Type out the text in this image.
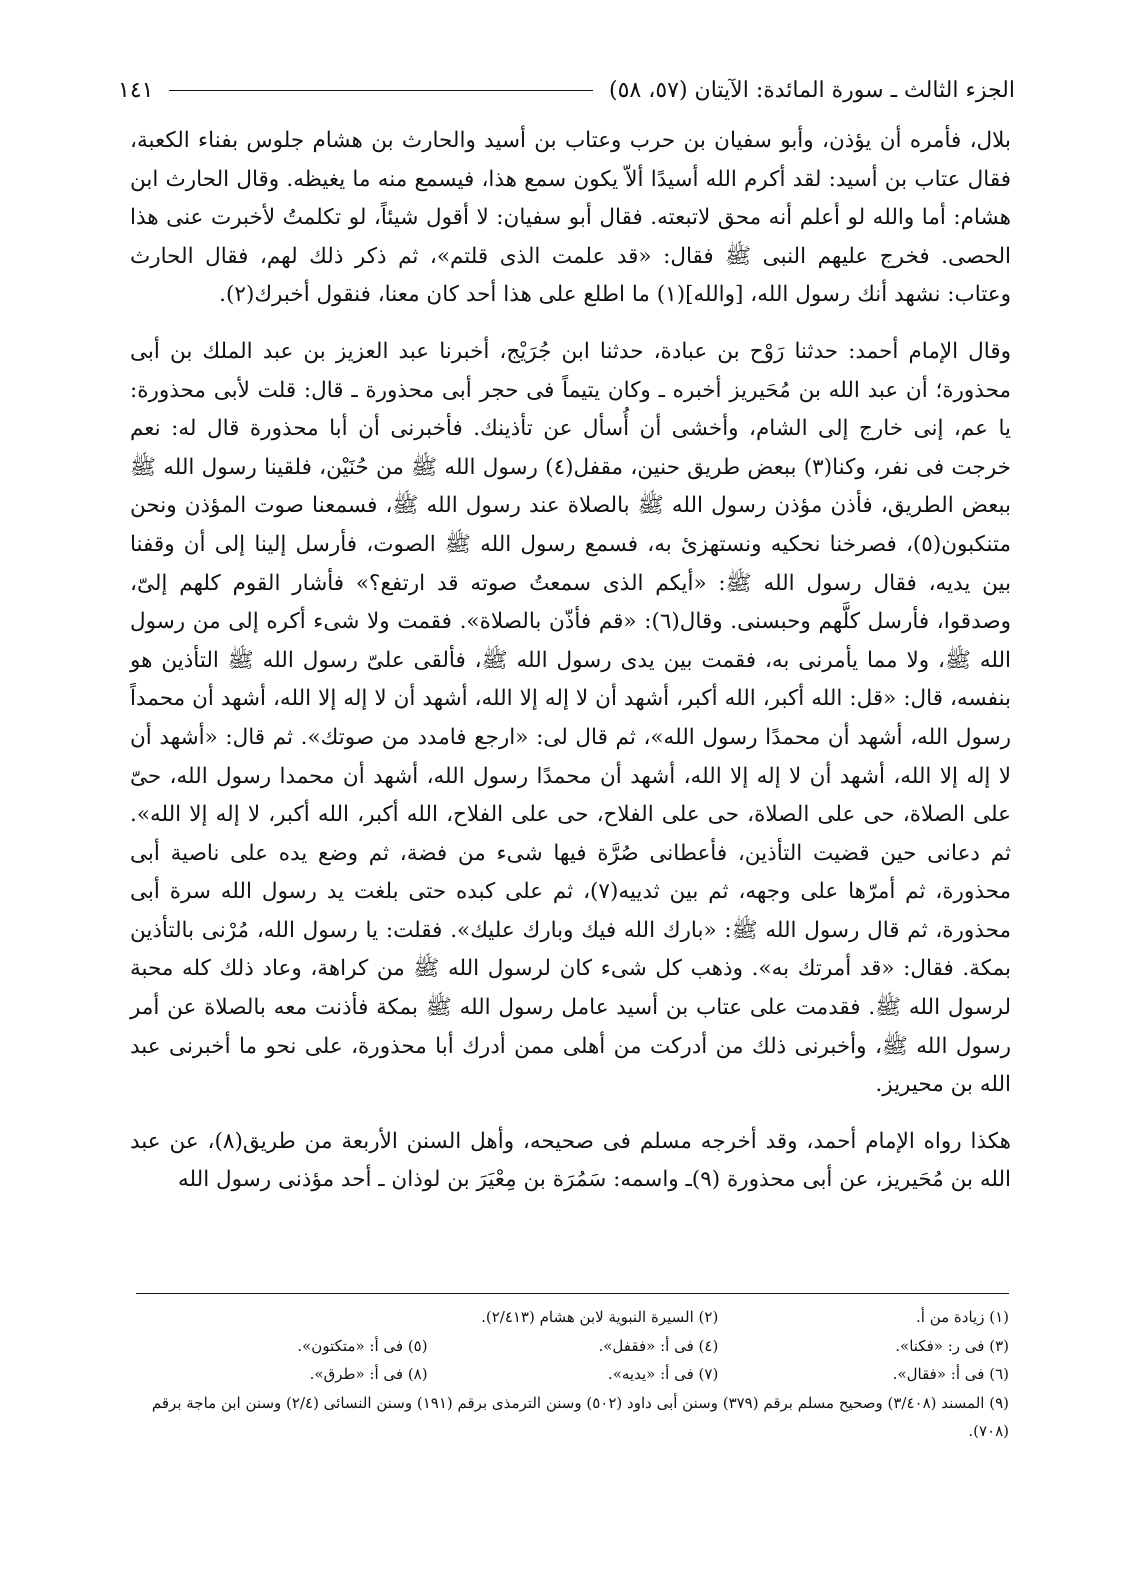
الجزء الثالث ـ سورة المائدة: الآيتان (٥٧، ٥٨)
١٤١

بلال، فأمره أن يؤذن، وأبو سفيان بن حرب وعتاب بن أسيد والحارث بن هشام جلوس بفناء الكعبة، فقال عتاب بن أسيد: لقد أكرم الله أسيدًا ألاّ يكون سمع هذا، فيسمع منه ما يغيظه. وقال الحارث ابن هشام: أما والله لو أعلم أنه محق لاتبعته. فقال أبو سفيان: لا أقول شيئاً، لو تكلمتُ لأخبرت عنى هذا الحصى. فخرج عليهم النبى ﷺ فقال: «قد علمت الذى قلتم»، ثم ذكر ذلك لهم، فقال الحارث وعتاب: نشهد أنك رسول الله، [والله](١) ما اطلع على هذا أحد كان معنا، فنقول أخبرك(٢).

وقال الإمام أحمد: حدثنا رَوْح بن عبادة، حدثنا ابن جُرَيْج، أخبرنا عبد العزيز بن عبد الملك بن أبى محذورة؛ أن عبد الله بن مُحَيريز أخبره ـ وكان يتيماً فى حجر أبى محذورة ـ قال: قلت لأبى محذورة: يا عم، إنى خارج إلى الشام، وأخشى أن أُسأل عن تأذينك. فأخبرنى أن أبا محذورة قال له: نعم خرجت فى نفر، وكنا(٣) ببعض طريق حنين، مقفل(٤) رسول الله ﷺ من حُنَيْن، فلقينا رسول الله ﷺ ببعض الطريق، فأذن مؤذن رسول الله ﷺ بالصلاة عند رسول الله ﷺ، فسمعنا صوت المؤذن ونحن متنكبون(٥)، فصرخنا نحكيه ونستهزئ به، فسمع رسول الله ﷺ الصوت، فأرسل إلينا إلى أن وقفنا بين يديه، فقال رسول الله ﷺ: «أيكم الذى سمعتُ صوته قد ارتفع؟» فأشار القوم كلهم إلىّ، وصدقوا، فأرسل كلَّهم وحبسنى. وقال(٦): «قم فأذّن بالصلاة». فقمت ولا شىء أكره إلى من رسول الله ﷺ، ولا مما يأمرنى به، فقمت بين يدى رسول الله ﷺ، فألقى علىّ رسول الله ﷺ التأذين هو بنفسه، قال: «قل: الله أكبر، الله أكبر، أشهد أن لا إله إلا الله، أشهد أن لا إله إلا الله، أشهد أن محمداً رسول الله، أشهد أن محمدًا رسول الله»، ثم قال لى: «ارجع فامدد من صوتك». ثم قال: «أشهد أن لا إله إلا الله، أشهد أن لا إله إلا الله، أشهد أن محمدًا رسول الله، أشهد أن محمدا رسول الله، حىّ على الصلاة، حى على الصلاة، حى على الفلاح، حى على الفلاح، الله أكبر، الله أكبر، لا إله إلا الله». ثم دعانى حين قضيت التأذين، فأعطانى صُرَّة فيها شىء من فضة، ثم وضع يده على ناصية أبى محذورة، ثم أمرّها على وجهه، ثم بين ثدييه(٧)، ثم على كبده حتى بلغت يد رسول الله سرة أبى محذورة، ثم قال رسول الله ﷺ: «بارك الله فيك وبارك عليك». فقلت: يا رسول الله، مُرْنى بالتأذين بمكة. فقال: «قد أمرتك به». وذهب كل شىء كان لرسول الله ﷺ من كراهة، وعاد ذلك كله محبة لرسول الله ﷺ. فقدمت على عتاب بن أسيد عامل رسول الله ﷺ بمكة فأذنت معه بالصلاة عن أمر رسول الله ﷺ، وأخبرنى ذلك من أدركت من أهلى ممن أدرك أبا محذورة، على نحو ما أخبرنى عبد الله بن محيريز.

هكذا رواه الإمام أحمد، وقد أخرجه مسلم فى صحيحه، وأهل السنن الأربعة من طريق(٨)، عن عبد الله بن مُحَيريز، عن أبى محذورة (٩)ـ واسمه: سَمُرَة بن مِعْيَرَ بن لوذان ـ أحد مؤذنى رسول الله

(١) زيادة من أ.
(٢) السيرة النبوية لابن هشام (٢/٤١٣).
(٣) فى ر: «فكنا».
(٤) فى أ: «فقفل».
(٥) فى أ: «متكتون».
(٦) فى أ: «فقال».
(٧) فى أ: «يديه».
(٨) فى أ: «طرق».
(٩) المسند (٣/٤٠٨) وصحيح مسلم برقم (٣٧٩) وسنن أبى داود (٥٠٢) وسنن الترمذى برقم (١٩١) وسنن النسائى (٢/٤) وسنن ابن ماجة برقم (٧٠٨).
